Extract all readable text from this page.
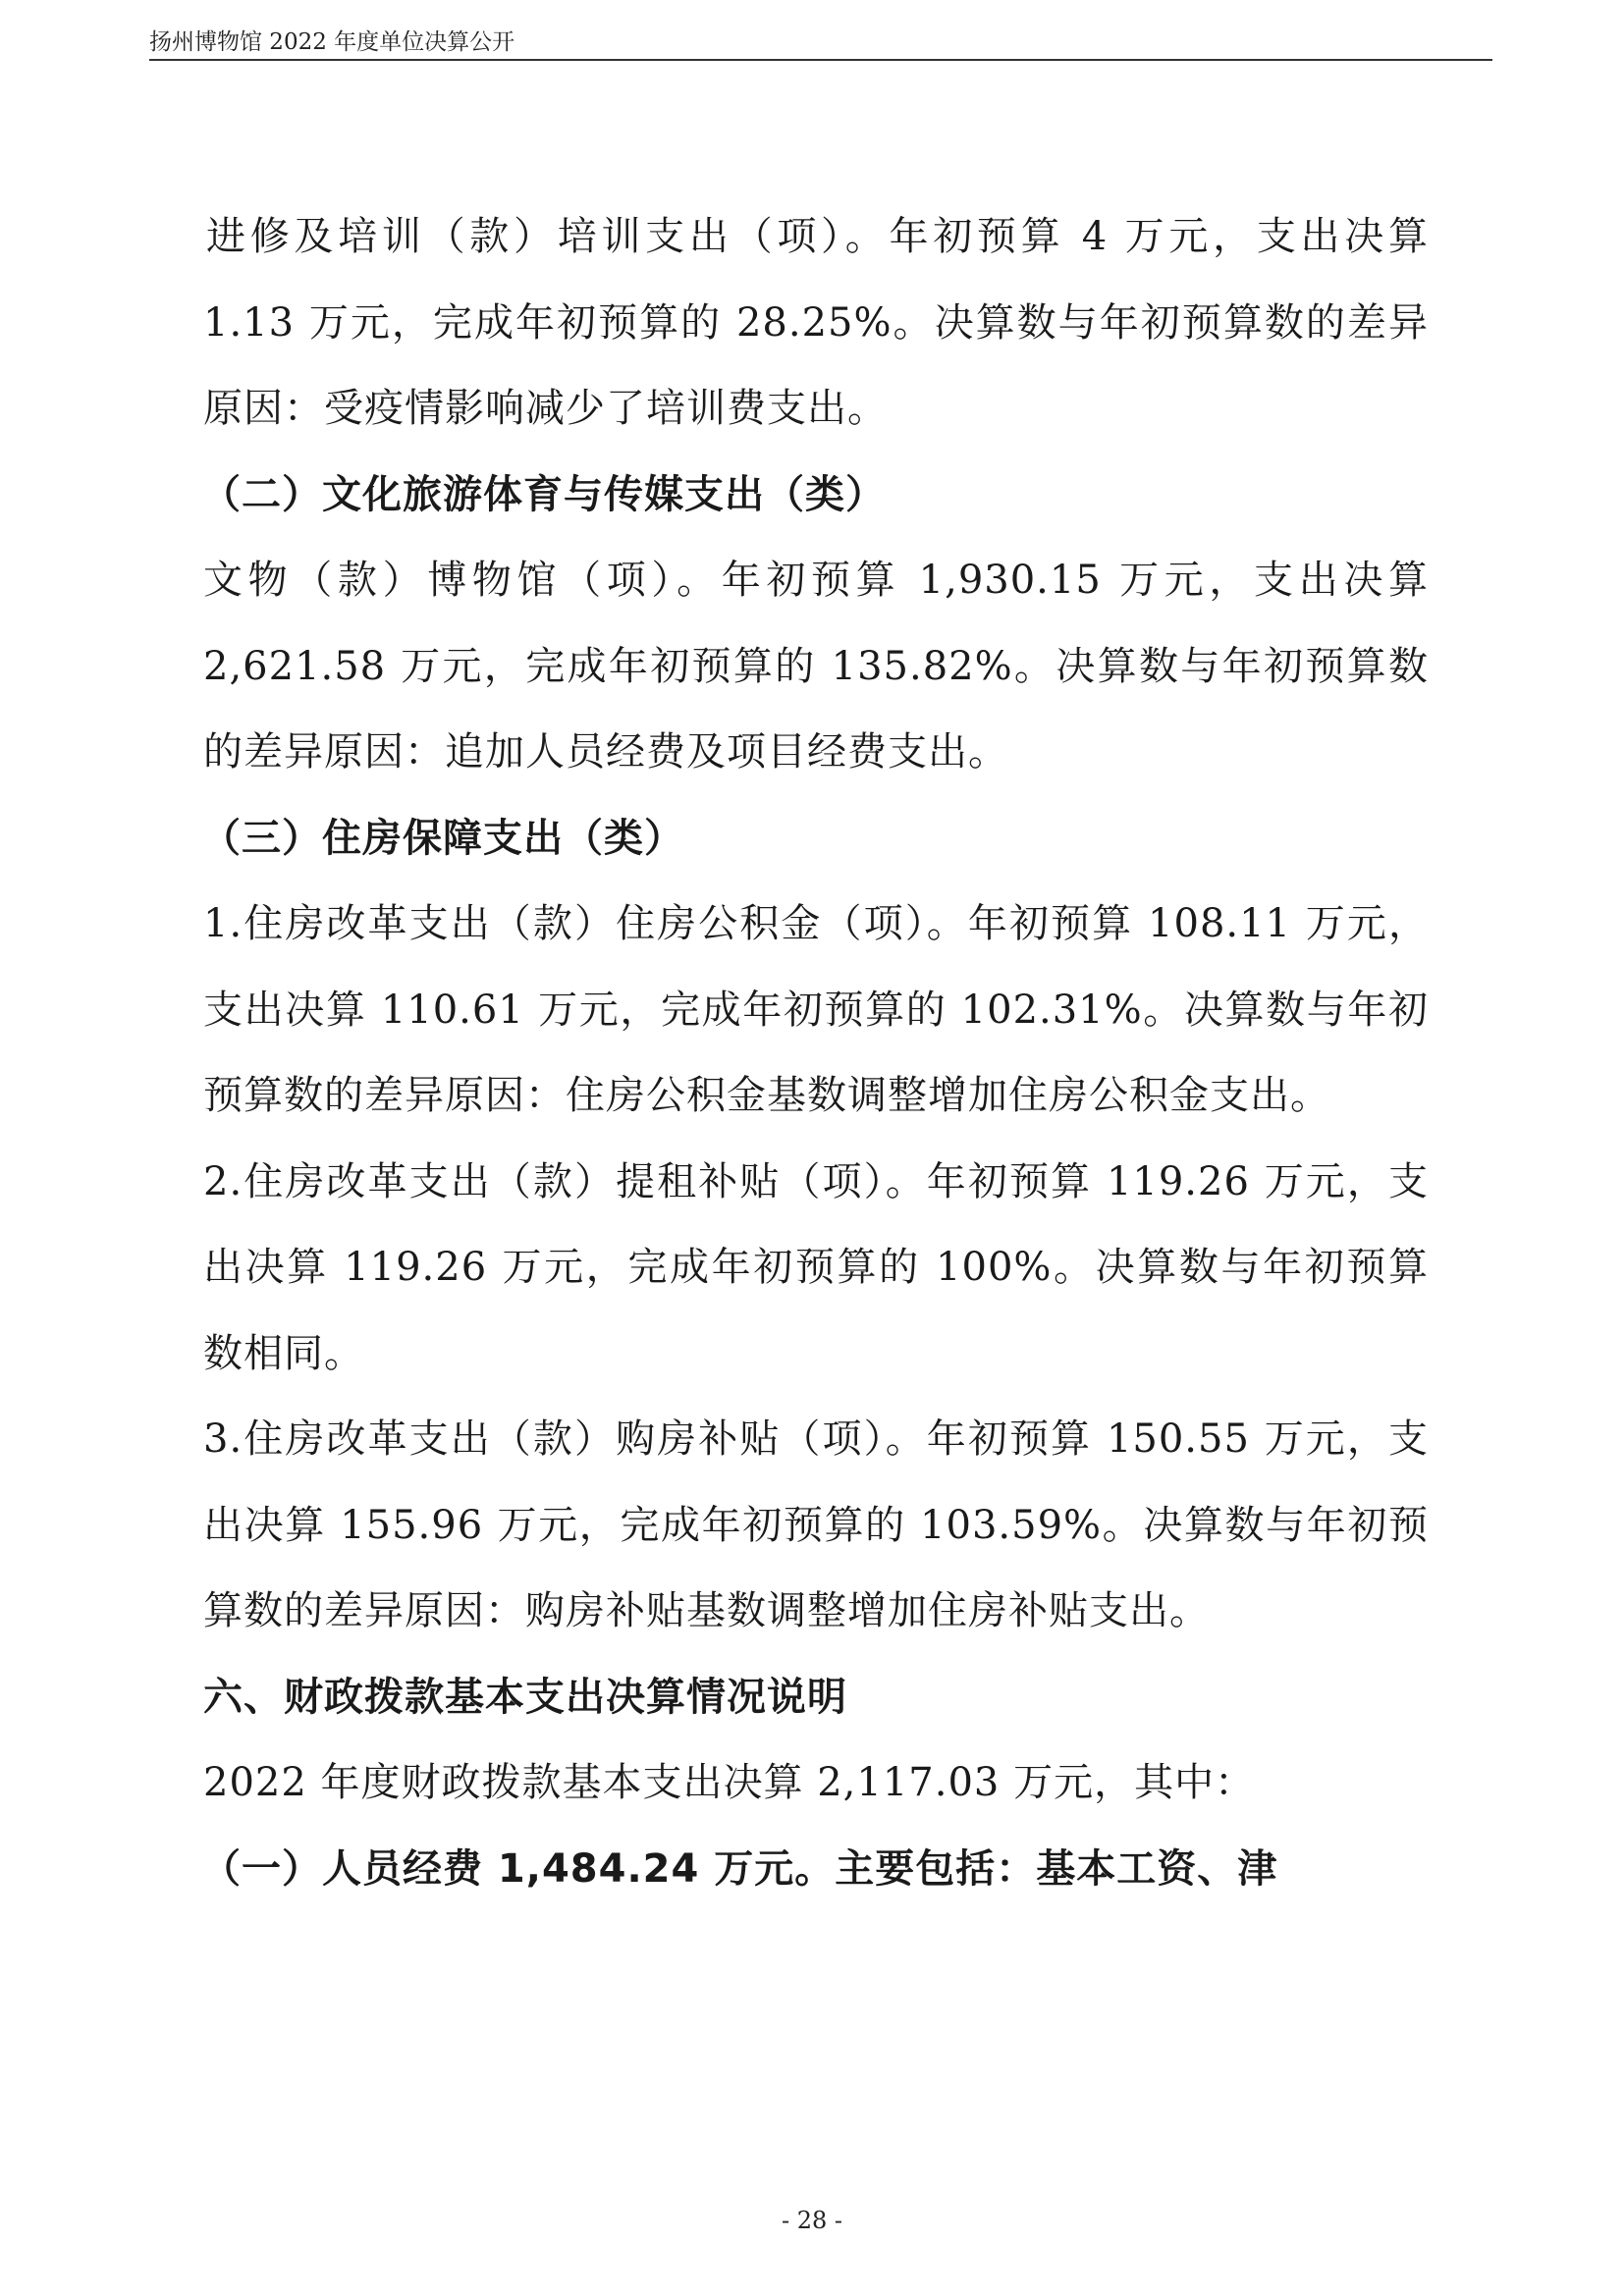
扬州博物馆 2022 年度单位决算公开

进修及培训（款）培训支出（项）。年初预算 4 万元，支出决算 1.13 万元，完成年初预算的 28.25%。决算数与年初预算数的差异原因：受疫情影响减少了培训费支出。

（二）文化旅游体育与传媒支出（类）

文物（款）博物馆（项）。年初预算 1,930.15 万元，支出决算 2,621.58 万元，完成年初预算的 135.82%。决算数与年初预算数的差异原因：追加人员经费及项目经费支出。

（三）住房保障支出（类）

1.住房改革支出（款）住房公积金（项）。年初预算 108.11 万元，支出决算 110.61 万元，完成年初预算的 102.31%。决算数与年初预算数的差异原因：住房公积金基数调整增加住房公积金支出。

2.住房改革支出（款）提租补贴（项）。年初预算 119.26 万元，支出决算 119.26 万元，完成年初预算的 100%。决算数与年初预算数相同。

3.住房改革支出（款）购房补贴（项）。年初预算 150.55 万元，支出决算 155.96 万元，完成年初预算的 103.59%。决算数与年初预算数的差异原因：购房补贴基数调整增加住房补贴支出。

六、财政拨款基本支出决算情况说明

2022 年度财政拨款基本支出决算 2,117.03 万元，其中：

（一）人员经费 1,484.24 万元。主要包括：基本工资、津

- 28 -
